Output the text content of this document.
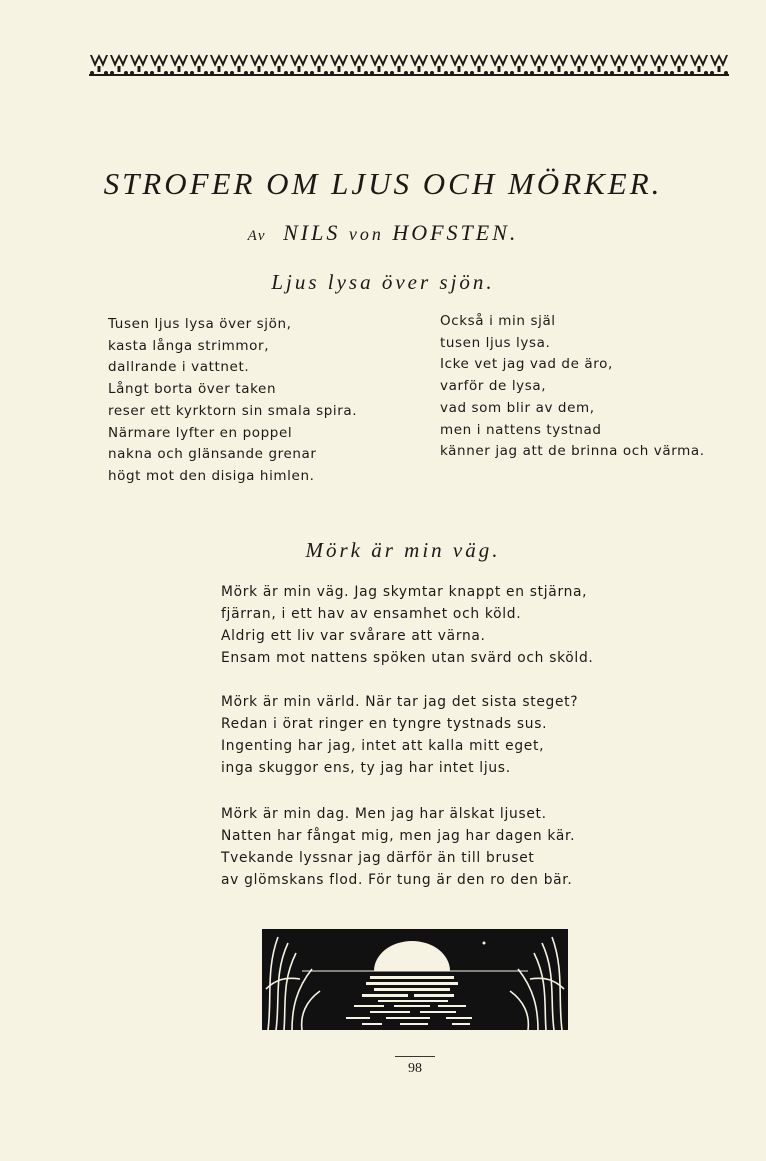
STROFER OM LJUS OCH MÖRKER.
Av NILS von HOFSTEN.
Ljus lysa över sjön.
Tusen ljus lysa över sjön,
kasta långa strimmor,
dallrande i vattnet.
Långt borta över taken
reser ett kyrktorn sin smala spira.
Närmare lyfter en poppel
nakna och glänsande grenar
högt mot den disiga himlen.
Också i min själ
tusen ljus lysa.
Icke vet jag vad de äro,
varför de lysa,
vad som blir av dem,
men i nattens tystnad
känner jag att de brinna och värma.
Mörk är min väg.
Mörk är min väg. Jag skymtar knappt en stjärna,
fjärran, i ett hav av ensamhet och köld.
Aldrig ett liv var svårare att värna.
Ensam mot nattens spöken utan svärd och sköld.
Mörk är min värld. När tar jag det sista steget?
Redan i örat ringer en tyngre tystnads sus.
Ingenting har jag, intet att kalla mitt eget,
inga skuggor ens, ty jag har intet ljus.
Mörk är min dag. Men jag har älskat ljuset.
Natten har fångat mig, men jag har dagen kär.
Tvekande lyssnar jag därför än till bruset
av glömskans flod. För tung är den ro den bär.
98
